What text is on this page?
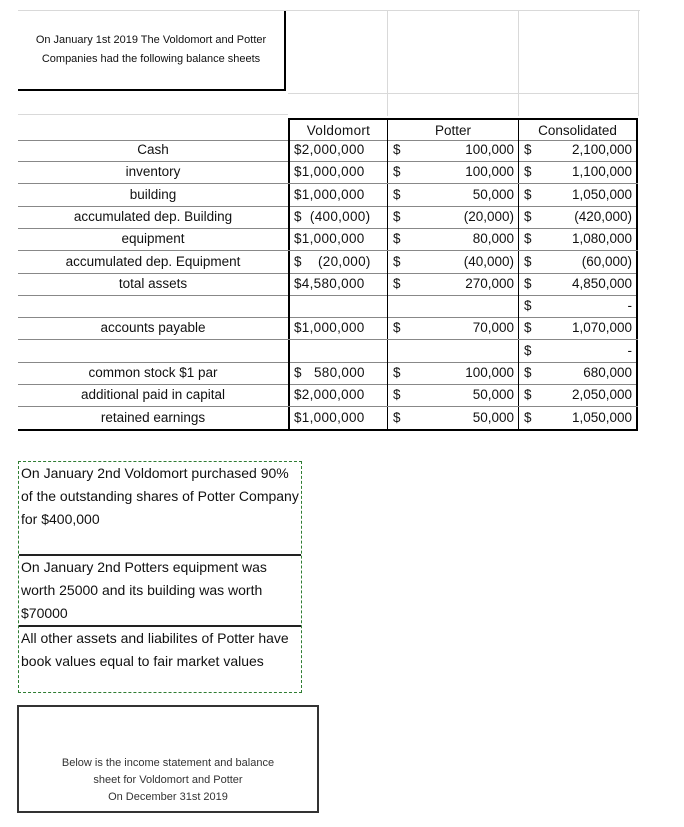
On January 1st 2019 The Voldomort and Potter Companies had the following balance sheets
Voldomort	Potter	Consolidated
Cash	$2,000,000	$	100,000 $	2,100,000
inventory	$1,000,000	$	100,000 $	1,100,000
building	$1,000,000	$	50,000 $	1,050,000
accumulated dep. Building	$  (400,000)	$	(20,000) $	(420,000)
equipment	$1,000,000	$	80,000 $	1,080,000
accumulated dep. Equipment	$    (20,000)	$	(40,000) $	(60,000)
total assets	$4,580,000	$	270,000 $	4,850,000
$	-
accounts payable	$1,000,000	$	70,000 $	1,070,000
$	-
common stock $1 par	$   580,000	$	100,000 $	680,000
additional paid in capital	$2,000,000	$	50,000 $	2,050,000
retained earnings	$1,000,000	$	50,000 $	1,050,000
On January 2nd Voldomort purchased 90% of the outstanding shares of Potter Company for $400,000
On January 2nd Potters equipment was worth 25000 and its building was worth $70000
All other assets and liabilites of Potter have book values equal to fair market values
Below is the income statement and balance
sheet for Voldomort and Potter
On December 31st 2019
